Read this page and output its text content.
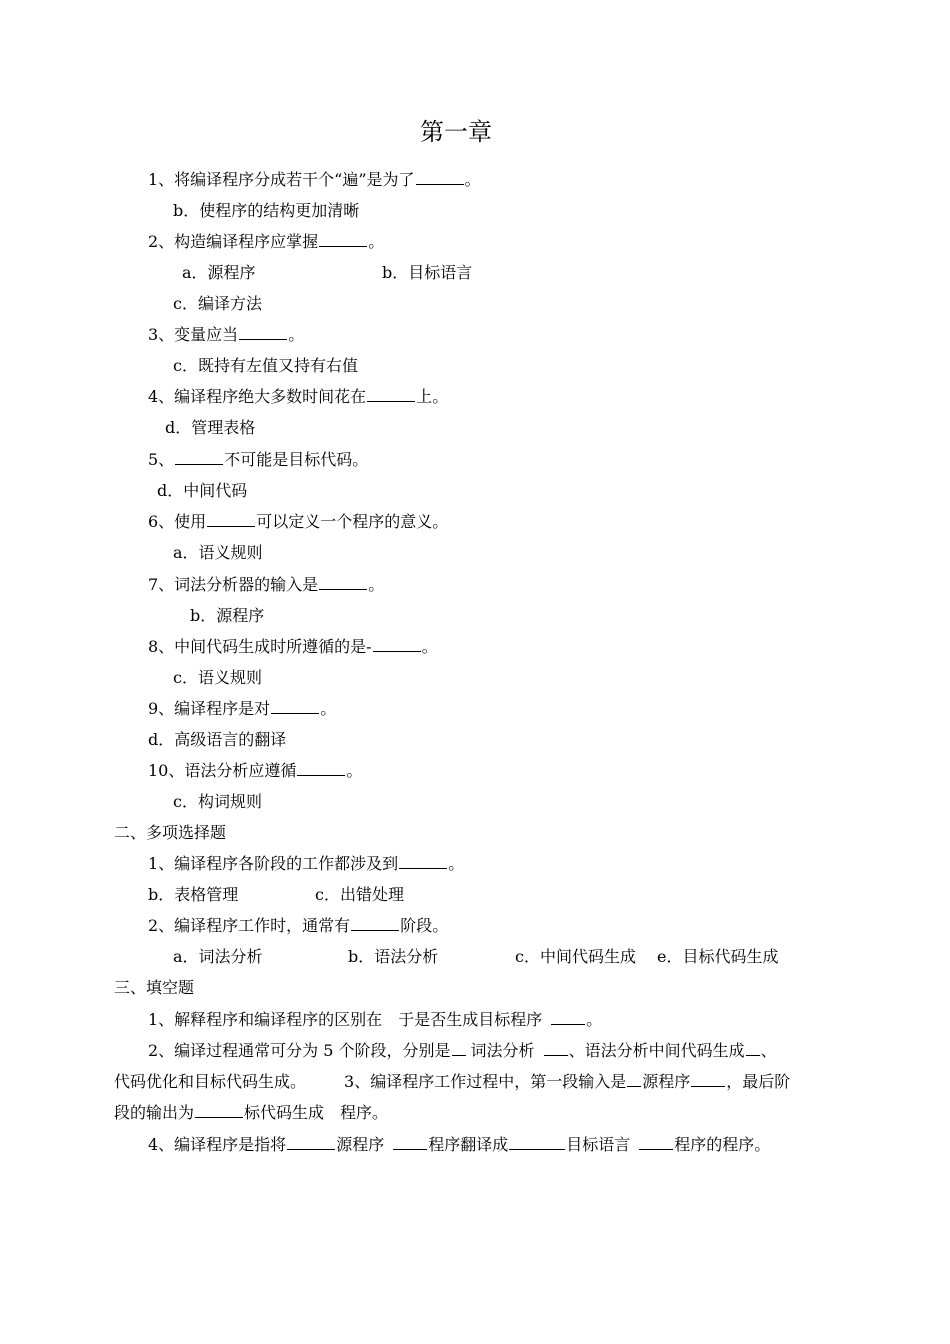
第一章
1、将编译程序分成若干个“遍”是为了	。
b．使程序的结构更加清晰
2、构造编译程序应掌握	。
a．源程序	b．目标语言
c．编译方法
3、变量应当	。
c．既持有左值又持有右值
4、编译程序绝大多数时间花在	上。
d．管理表格
5、	不可能是目标代码。
d．中间代码
6、使用	可以定义一个程序的意义。
a．语义规则
7、词法分析器的输入是	。
b．源程序
8、中间代码生成时所遵循的是-	。
c．语义规则
9、编译程序是对	。
d．高级语言的翻译
10、语法分析应遵循	。
c．构词规则
二、多项选择题
1、编译程序各阶段的工作都涉及到	。
b．表格管理	c．出错处理
2、编译程序工作时，通常有	阶段。
a．词法分析	b．语法分析	c．中间代码生成 e．目标代码生成
三、填空题
1、解释程序和编译程序的区别在 于是否生成目标程序	。
2、编译过程通常可分为 5 个阶段，分别是 词法分析 、语法分析中间代码生成 、
代码优化和目标代码生成。 3、编译程序工作过程中，第一段输入是 源程序 ，最后阶
段的输出为	标代码生成 程序。
4、编译程序是指将	源程序	程序翻译成	目标语言	程序的程序。
